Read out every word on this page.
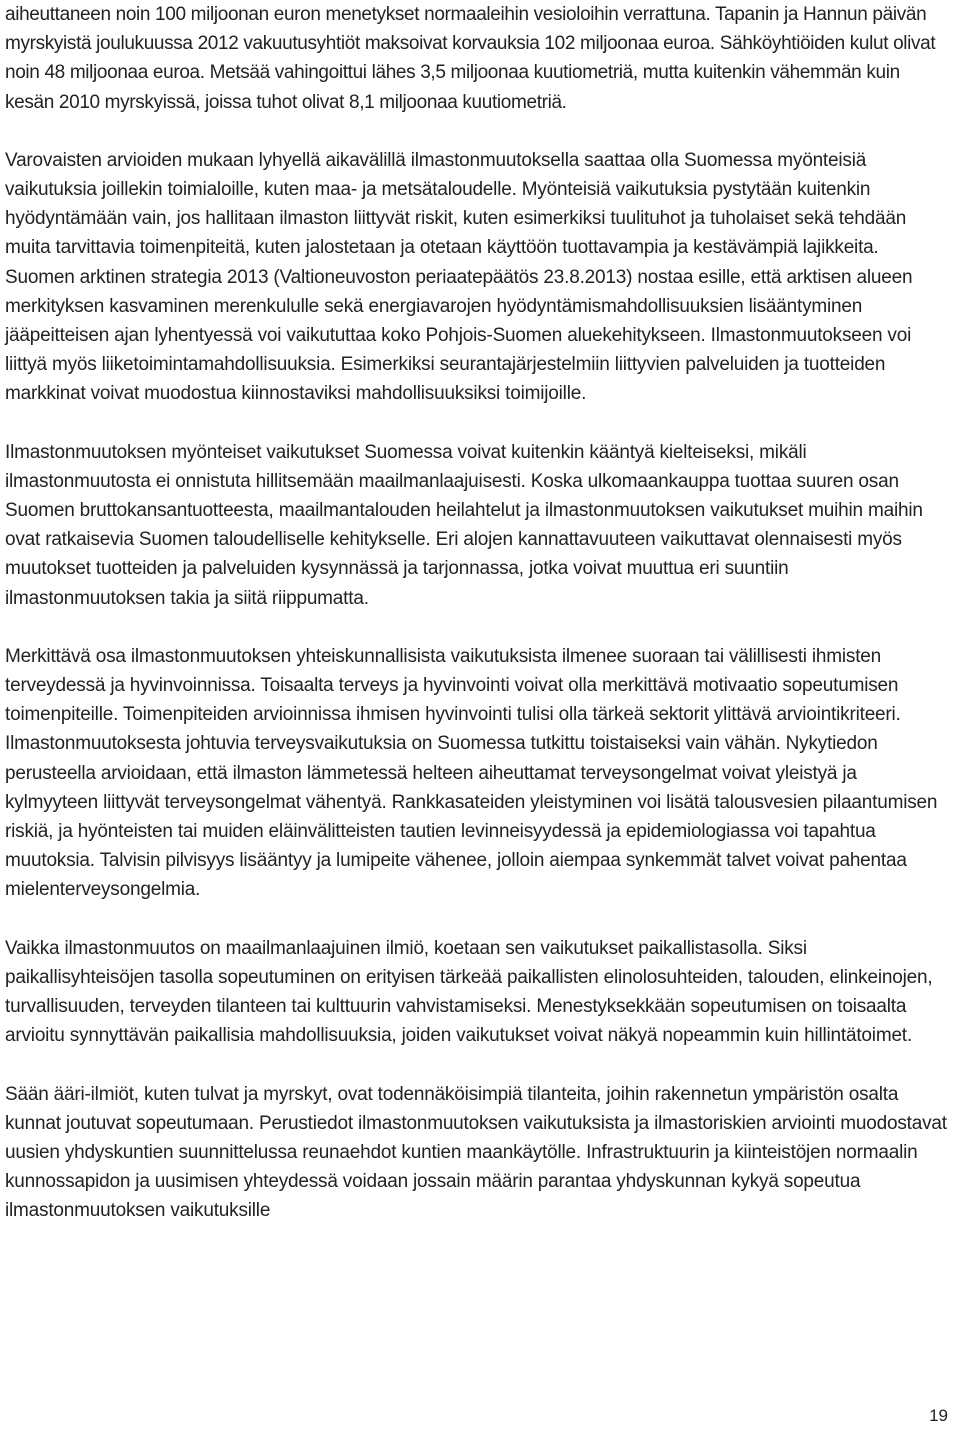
aiheuttaneen noin 100 miljoonan euron menetykset normaaleihin vesioloihin verrattuna. Tapanin ja Hannun päivän myrskyistä joulukuussa 2012 vakuutusyhtiöt maksoivat korvauksia 102 miljoonaa euroa. Sähköyhtiöiden kulut olivat noin 48 miljoonaa euroa. Metsää vahingoittui lähes 3,5 miljoonaa kuutiometriä, mutta kuitenkin vähemmän kuin kesän 2010 myrskyissä, joissa tuhot olivat 8,1 miljoonaa kuutiometriä.

Varovaisten arvioiden mukaan lyhyellä aikavälillä ilmastonmuutoksella saattaa olla Suomessa myönteisiä vaikutuksia joillekin toimialoille, kuten maa- ja metsätaloudelle. Myönteisiä vaikutuksia pystytään kuitenkin hyödyntämään vain, jos hallitaan ilmaston liittyvät riskit, kuten esimerkiksi tuulituhot ja tuholaiset sekä tehdään muita tarvittavia toimenpiteitä, kuten jalostetaan ja otetaan käyttöön tuottavampia ja kestävämpiä lajikkeita. Suomen arktinen strategia 2013 (Valtioneuvoston periaatepäätös 23.8.2013) nostaa esille, että arktisen alueen merkityksen kasvaminen merenkululle sekä energiavarojen hyödyntämismahdollisuuksien lisääntyminen jääpeitteisen ajan lyhentyessä voi vaikututtaa koko Pohjois-Suomen aluekehitykseen. Ilmastonmuutokseen voi liittyä myös liiketoimintamahdollisuuksia. Esimerkiksi seurantajärjestelmiin liittyvien palveluiden ja tuotteiden markkinat voivat muodostua kiinnostaviksi mahdollisuuksiksi toimijoille.

Ilmastonmuutoksen myönteiset vaikutukset Suomessa voivat kuitenkin kääntyä kielteiseksi, mikäli ilmastonmuutosta ei onnistuta hillitsemään maailmanlaajuisesti. Koska ulkomaankauppa tuottaa suuren osan Suomen bruttokansantuotteesta, maailmantalouden heilahtelut ja ilmastonmuutoksen vaikutukset muihin maihin ovat ratkaisevia Suomen taloudelliselle kehitykselle. Eri alojen kannattavuuteen vaikuttavat olennaisesti myös muutokset tuotteiden ja palveluiden kysynnässä ja tarjonnassa, jotka voivat muuttua eri suuntiin ilmastonmuutoksen takia ja siitä riippumatta.

Merkittävä osa ilmastonmuutoksen yhteiskunnallisista vaikutuksista ilmenee suoraan tai välillisesti ihmisten terveydessä ja hyvinvoinnissa. Toisaalta terveys ja hyvinvointi voivat olla merkittävä motivaatio sopeutumisen toimenpiteille. Toimenpiteiden arvioinnissa ihmisen hyvinvointi tulisi olla tärkeä sektorit ylittävä arviointikriteeri. Ilmastonmuutoksesta johtuvia terveysvaikutuksia on Suomessa tutkittu toistaiseksi vain vähän. Nykytiedon perusteella arvioidaan, että ilmaston lämmetessä helteen aiheuttamat terveysongelmat voivat yleistyä ja kylmyyteen liittyvät terveysongelmat vähentyä. Rankkasateiden yleistyminen voi lisätä talousvesien pilaantumisen riskiä, ja hyönteisten tai muiden eläinvälitteisten tautien levinneisyydessä ja epidemiologiassa voi tapahtua muutoksia. Talvisin pilvisyys lisääntyy ja lumipeite vähenee, jolloin aiempaa synkemmät talvet voivat pahentaa mielenterveysongelmia.

Vaikka ilmastonmuutos on maailmanlaajuinen ilmiö, koetaan sen vaikutukset paikallistasolla. Siksi paikallisyhteisöjen tasolla sopeutuminen on erityisen tärkeää paikallisten elinolosuhteiden, talouden, elinkeinojen, turvallisuuden, terveyden tilanteen tai kulttuurin vahvistamiseksi. Menestyksekkään sopeutumisen on toisaalta arvioitu synnyttävän paikallisia mahdollisuuksia, joiden vaikutukset voivat näkyä nopeammin kuin hillintätoimet.

Sään ääri-ilmiöt, kuten tulvat ja myrskyt, ovat todennäköisimpiä tilanteita, joihin rakennetun ympäristön osalta kunnat joutuvat sopeutumaan. Perustiedot ilmastonmuutoksen vaikutuksista ja ilmastoriskien arviointi muodostavat uusien yhdyskuntien suunnittelussa reunaehdot kuntien maankäytölle. Infrastruktuurin ja kiinteistöjen normaalin kunnossapidon ja uusimisen yhteydessä voidaan jossain määrin parantaa yhdyskunnan kykyä sopeutua ilmastonmuutoksen vaikutuksille

19
